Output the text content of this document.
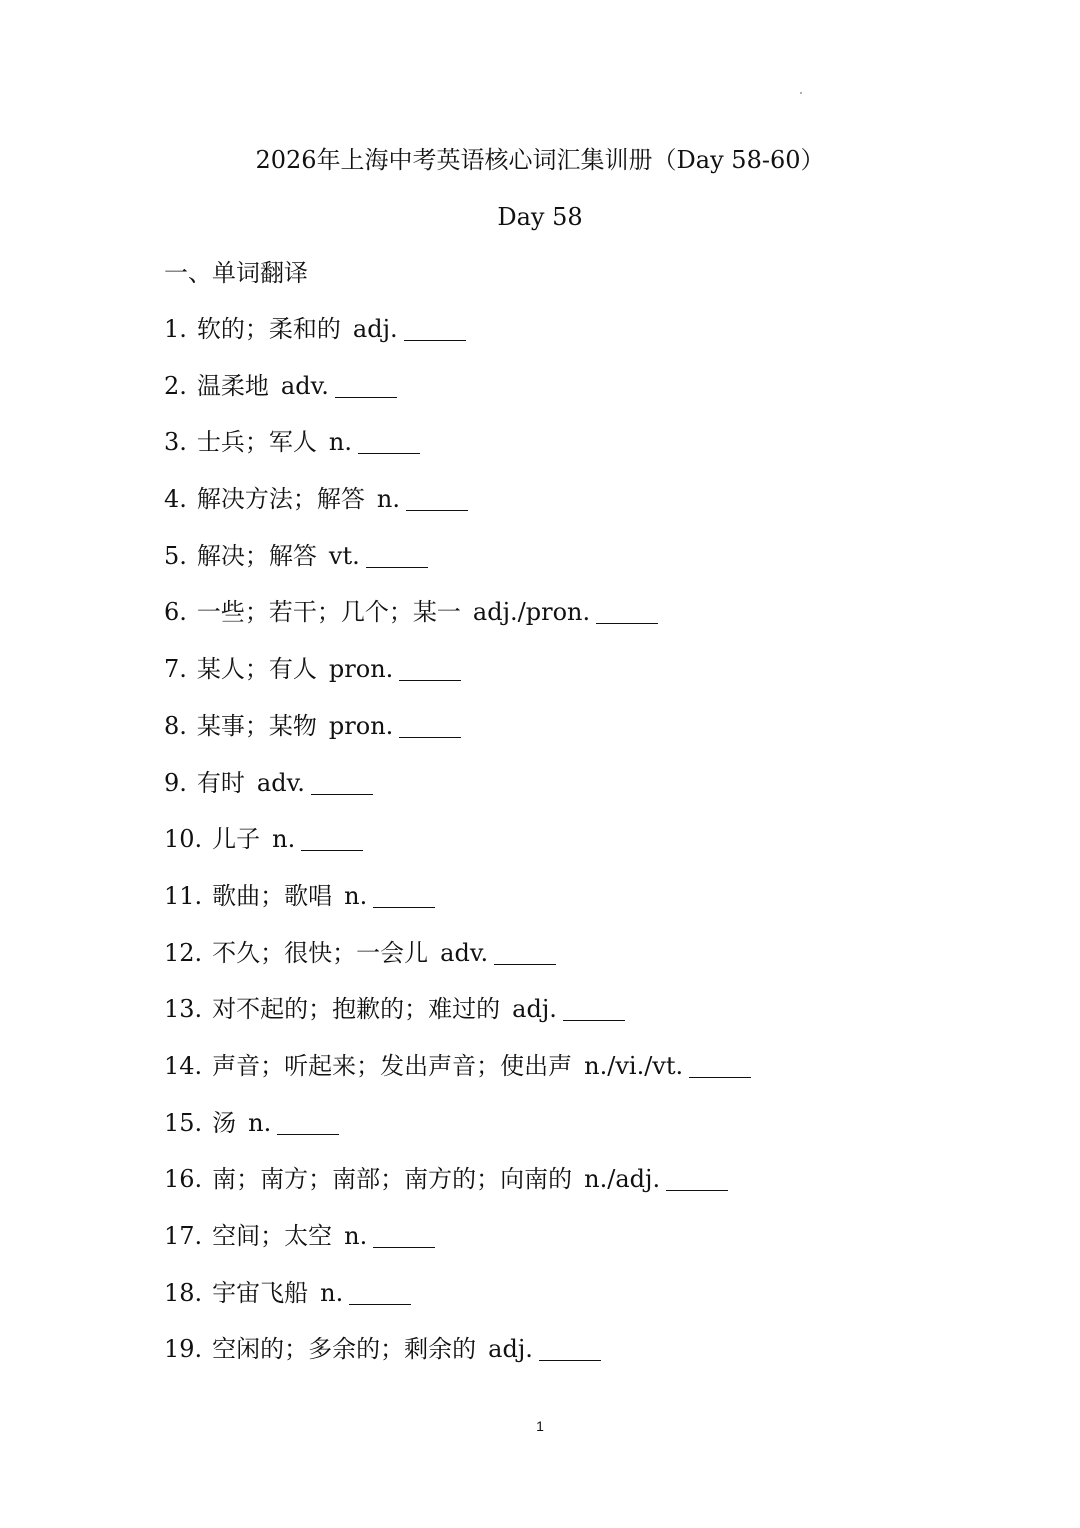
2026年上海中考英语核心词汇集训册（Day 58-60）
Day 58
一、单词翻译
1. 软的；柔和的 adj.
2. 温柔地 adv.
3. 士兵；军人 n.
4. 解决方法；解答 n.
5. 解决；解答 vt.
6. 一些；若干；几个；某一 adj./pron.
7. 某人；有人 pron.
8. 某事；某物 pron.
9. 有时 adv.
10. 儿子 n.
11. 歌曲；歌唱 n.
12. 不久；很快；一会儿 adv.
13. 对不起的；抱歉的；难过的 adj.
14. 声音；听起来；发出声音；使出声 n./vi./vt.
15. 汤 n.
16. 南；南方；南部；南方的；向南的 n./adj.
17. 空间；太空 n.
18. 宇宙飞船 n.
19. 空闲的；多余的；剩余的 adj.
1
